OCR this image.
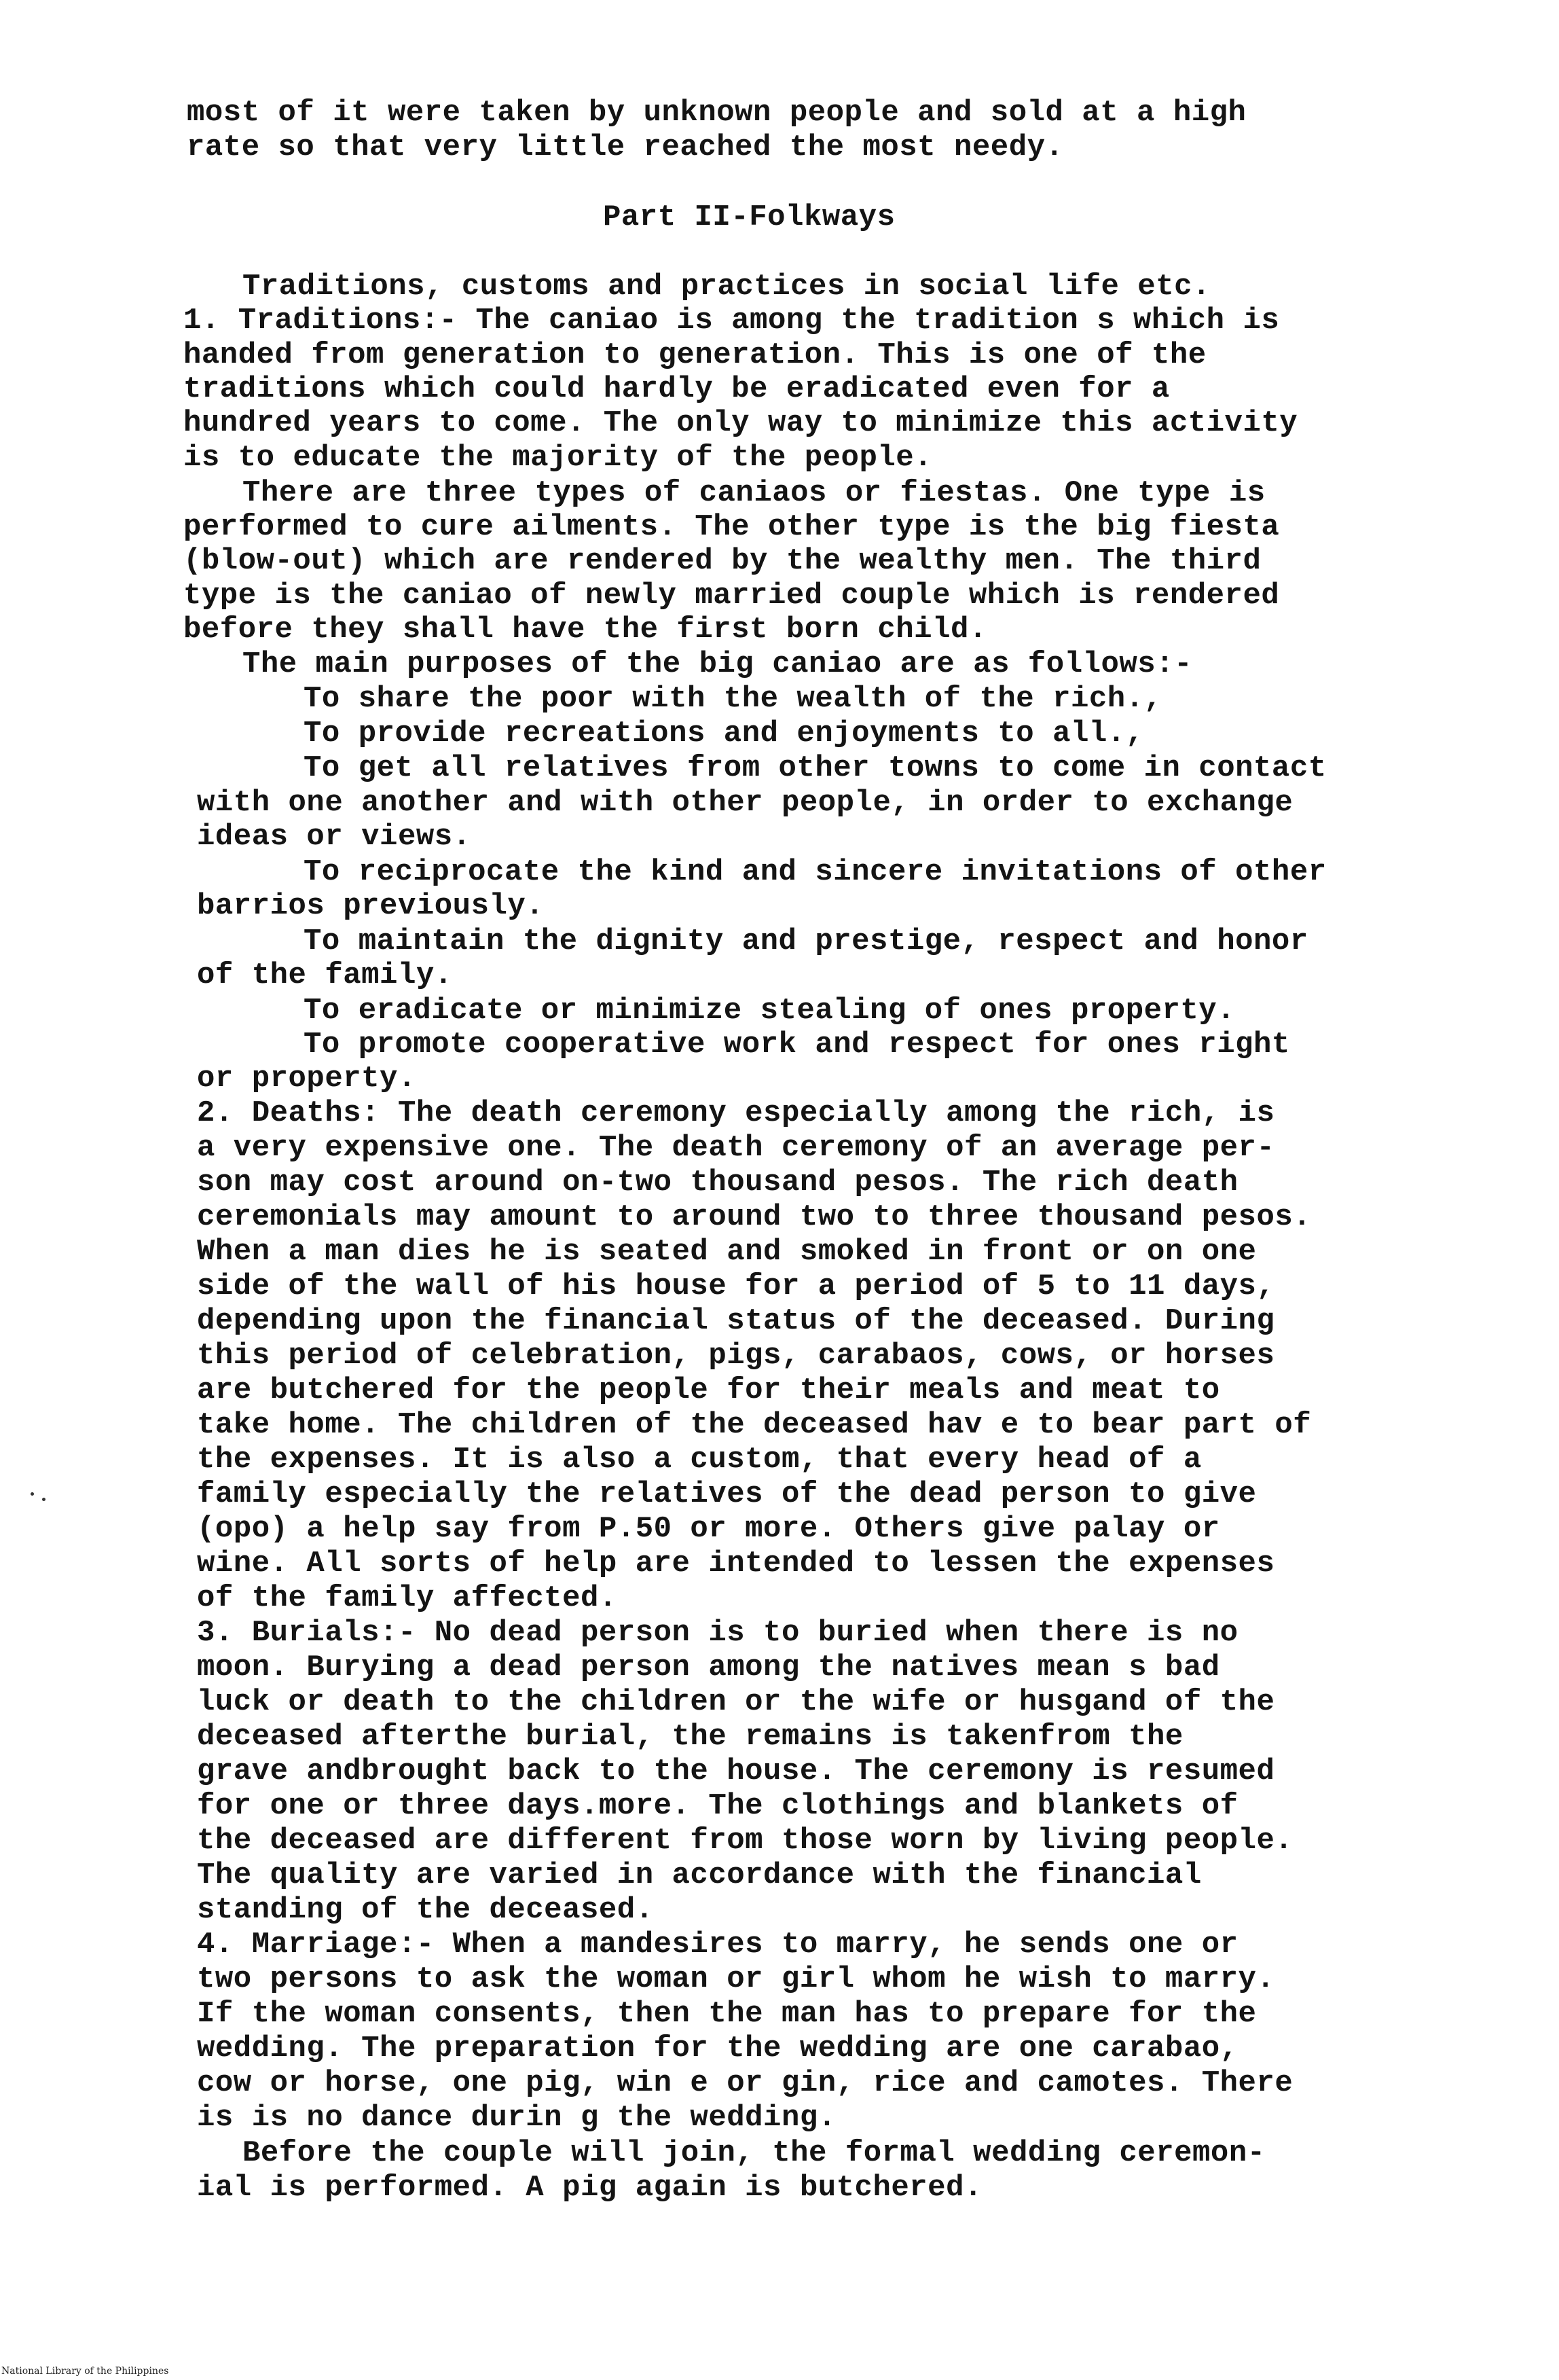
most of it were taken by unknown people and sold at a high
rate so that very little reached the most needy.
Part II-Folkways
Traditions, customs and practices in social life etc.
1. Traditions:- The caniao is among the tradition s which is
handed from generation to generation. This is one of the
traditions which could hardly be eradicated even for a
hundred years to come. The only way to minimize this activity
is to educate the majority of the people.
There are three types of caniaos or fiestas. One type is
performed to cure ailments. The other type is the big fiesta
(blow-out) which are rendered by the wealthy men. The third
type is the caniao of newly married couple which is rendered
before they shall have the first born child.
The main purposes of the big caniao are as follows:-
To share the poor with the wealth of the rich.,
To provide recreations and enjoyments to all.,
To get all relatives from other towns to come in contact
with one another and with other people, in order to exchange
ideas or views.
To reciprocate the kind and sincere invitations of other
barrios previously.
To maintain the dignity and prestige, respect and honor
of the family.
To eradicate or minimize stealing of ones property.
To promote cooperative work and respect for ones right
or property.
2. Deaths: The death ceremony especially among the rich, is
a very expensive one. The death ceremony of an average per-
son may cost around on-two thousand pesos. The rich death
ceremonials may amount to around two to three thousand pesos.
When a man dies he is seated and smoked in front or on one
side of the wall of his house for a period of 5 to 11 days,
depending upon the financial status of the deceased. During
this period of celebration, pigs, carabaos, cows, or horses
are butchered for the people for their meals and meat to
take home. The children of the deceased hav e to bear part of
the expenses. It is also a custom, that every head of a
family especially the relatives of the dead person to give
(opo) a help say from P.50 or more. Others give palay or
wine. All sorts of help are intended to lessen the expenses
of the family affected.
3. Burials:- No dead person is to buried when there is no
moon. Burying a dead person among the natives mean s bad
luck or death to the children or the wife or husgand of the
deceased afterthe burial, the remains is takenfrom the
grave andbrought back to the house. The ceremony is resumed
for one or three days.more. The clothings and blankets of
the deceased are different from those worn by living people.
The quality are varied in accordance with the financial
standing of the deceased.
4. Marriage:- When a mandesires to marry, he sends one or
two persons to ask the woman or girl whom he wish to marry.
If the woman consents, then the man has to prepare for the
wedding. The preparation for the wedding are one carabao,
cow or horse, one pig, win e or gin, rice and camotes. There
is is no dance durin g the wedding.
Before the couple will join, the formal wedding ceremon-
ial is performed. A pig again is butchered.
National Library of the Philippines
